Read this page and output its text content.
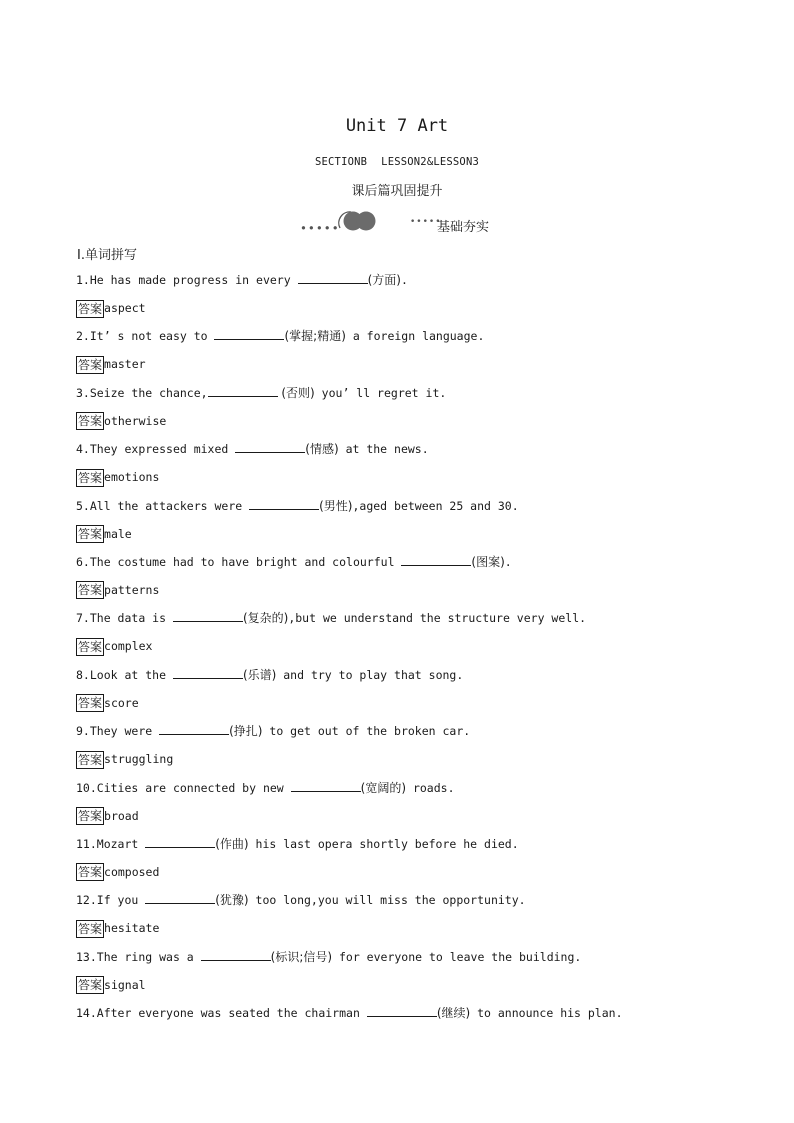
Unit 7 Art
SECTIONB LESSON2&LESSON3
课后篇巩固提升
•••••	•••••
基础夯实
Ⅰ.单词拼写
1.He has made progress in every	(方面).
答案 aspect
2.It’ s not easy to	(掌握;精通) a foreign language.
答案 master
3.Seize the chance,	(否则) you’ ll regret it.
答案 otherwise
4.They expressed mixed	(情感) at the news.
答案 emotions
5.All the attackers were	(男性),aged between 25 and 30.
答案 male
6.The costume had to have bright and colourful	(图案).
答案 patterns
7.The data is	(复杂的),but we understand the structure very well.
答案 complex
8.Look at the	(乐谱) and try to play that song.
答案 score
9.They were	(挣扎) to get out of the broken car.
答案 struggling
10.Cities are connected by new	(宽阔的) roads.
答案 broad
11.Mozart	(作曲) his last opera shortly before he died.
答案 composed
12.If you	(犹豫) too long,you will miss the opportunity.
答案 hesitate
13.The ring was a	(标识;信号) for everyone to leave the building.
答案 signal
14.After everyone was seated the chairman	(继续) to announce his plan.
